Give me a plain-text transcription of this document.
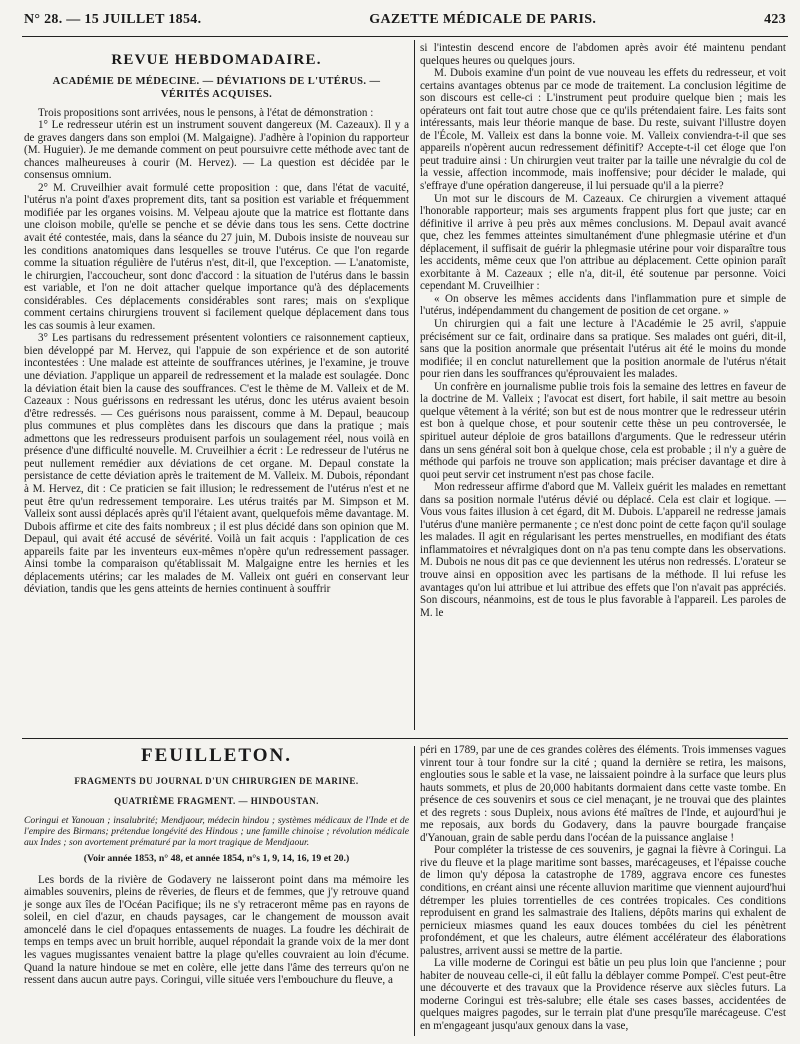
N° 28. — 15 JUILLET 1854.	GAZETTE MÉDICALE DE PARIS.	423
REVUE HEBDOMADAIRE.
ACADÉMIE DE MÉDECINE. — DÉVIATIONS DE L'UTÉRUS. —
VÉRITÉS ACQUISES.

Trois propositions sont arrivées, nous le pensons, à l'état de démonstration :

1° Le redresseur utérin est un instrument souvent dangereux (M. Cazeaux). Il y a de graves dangers dans son emploi (M. Malgaigne). J'adhère à l'opinion du rapporteur (M. Huguier). Je me demande comment on peut poursuivre cette méthode avec tant de chances malheureuses à courir (M. Hervez). — La question est décidée par le consensus omnium.

2° M. Cruveilhier avait formulé cette proposition : que, dans l'état de vacuité, l'utérus n'a point d'axes proprement dits, tant sa position est variable et fréquemment modifiée par les organes voisins. M. Velpeau ajoute que la matrice est flottante dans une cloison mobile, qu'elle se penche et se dévie dans tous les sens. Cette doctrine avait été contestée, mais, dans la séance du 27 juin, M. Dubois insiste de nouveau sur les conditions anatomiques dans lesquelles se trouve l'utérus. Ce que l'on regarde comme la situation régulière de l'utérus n'est, dit-il, que l'exception. — L'anatomiste, le chirurgien, l'accoucheur, sont donc d'accord : la situation de l'utérus dans le bassin est variable, et l'on ne doit attacher quelque importance qu'à des déplacements considérables. Ces déplacements considérables sont rares; mais on s'explique comment certains chirurgiens trouvent si facilement quelque déplacement dans tous les cas soumis à leur examen.

3° Les partisans du redressement présentent volontiers ce raisonnement captieux, bien développé par M. Hervez, qui l'appuie de son expérience et de son autorité incontestées : Une malade est atteinte de souffrances utérines, je l'examine, je trouve une déviation. J'applique un appareil de redressement et la malade est soulagée. Donc la déviation était bien la cause des souffrances. C'est le thème de M. Valleix et de M. Cazeaux : Nous guérissons en redressant les utérus, donc les utérus avaient besoin d'être redressés. — Ces guérisons nous paraissent, comme à M. Depaul, beaucoup plus communes et plus complètes dans les discours que dans la pratique ; mais admettons que les redresseurs produisent parfois un soulagement réel, nous voilà en présence d'une difficulté nouvelle. M. Cruveilhier a écrit : Le redresseur de l'utérus ne peut nullement remédier aux déviations de cet organe. M. Depaul constate la persistance de cette déviation après le traitement de M. Valleix. M. Dubois, répondant à M. Hervez, dit : Ce praticien se fait illusion; le redressement de l'utérus n'est et ne peut être qu'un redressement temporaire. Les utérus traités par M. Simpson et M. Valleix sont aussi déplacés après qu'il l'étaient avant, quelquefois même davantage. M. Dubois affirme et cite des faits nombreux ; il est plus décidé dans son opinion que M. Depaul, qui avait été accusé de sévérité. Voilà un fait acquis : l'application de ces appareils faite par les inventeurs eux-mêmes n'opère qu'un redressement passager. Ainsi tombe la comparaison qu'établissait M. Malgaigne entre les hernies et les déplacements utérins; car les malades de M. Valleix ont guéri en conservant leur déviation, tandis que les gens atteints de hernies continuent à souffrir

si l'intestin descend encore de l'abdomen après avoir été maintenu pendant quelques heures ou quelques jours.

M. Dubois examine d'un point de vue nouveau les effets du redresseur, et voit certains avantages obtenus par ce mode de traitement. La conclusion légitime de son discours est celle-ci : L'instrument peut produire quelque bien ; mais les opérateurs ont fait tout autre chose que ce qu'ils prétendaient faire. Les faits sont intéressants, mais leur théorie manque de base. Du reste, suivant l'illustre doyen de l'École, M. Valleix est dans la bonne voie. M. Valleix conviendra-t-il que ses appareils n'opèrent aucun redressement définitif? Accepte-t-il cet éloge que l'on peut traduire ainsi : Un chirurgien veut traiter par la taille une névralgie du col de la vessie, affection incommode, mais inoffensive; pour décider le malade, qui s'effraye d'une opération dangereuse, il lui persuade qu'il a la pierre?

Un mot sur le discours de M. Cazeaux. Ce chirurgien a vivement attaqué l'honorable rapporteur; mais ses arguments frappent plus fort que juste; car en définitive il arrive à peu près aux mêmes conclusions. M. Depaul avait avancé que, chez les femmes atteintes simultanément d'une phlegmasie utérine et d'un déplacement, il suffisait de guérir la phlegmasie utérine pour voir disparaître tous les accidents, même ceux que l'on attribue au déplacement. Cette opinion paraît exorbitante à M. Cazeaux ; elle n'a, dit-il, été soutenue par personne. Voici cependant M. Cruveilhier :

« On observe les mêmes accidents dans l'inflammation pure et simple de l'utérus, indépendamment du changement de position de cet organe. »

Un chirurgien qui a fait une lecture à l'Académie le 25 avril, s'appuie précisément sur ce fait, ordinaire dans sa pratique. Ses malades ont guéri, dit-il, sans que la position anormale que présentait l'utérus ait été le moins du monde modifiée; il en conclut naturellement que la position anormale de l'utérus n'était pour rien dans les souffrances qu'éprouvaient les malades.

Un confrère en journalisme publie trois fois la semaine des lettres en faveur de la doctrine de M. Valleix ; l'avocat est disert, fort habile, il sait mettre au besoin quelque vêtement à la vérité; son but est de nous montrer que le redresseur utérin est bon à quelque chose, et pour soutenir cette thèse un peu controversée, le spirituel auteur déploie de gros bataillons d'arguments. Que le redresseur utérin dans un sens général soit bon à quelque chose, cela est probable ; il n'y a guère de méthode qui parfois ne trouve son application; mais préciser davantage et dire à quoi peut servir cet instrument n'est pas chose facile.

Mon redresseur affirme d'abord que M. Valleix guérit les malades en remettant dans sa position normale l'utérus dévié ou déplacé. Cela est clair et logique. — Vous vous faites illusion à cet égard, dit M. Dubois. L'appareil ne redresse jamais l'utérus d'une manière permanente ; ce n'est donc point de cette façon qu'il soulage les malades. Il agit en régularisant les pertes menstruelles, en modifiant des états inflammatoires et névralgiques dont on n'a pas tenu compte dans les observations. M. Dubois ne nous dit pas ce que deviennent les utérus non redressés. L'orateur se trouve ainsi en opposition avec les partisans de la méthode. Il lui refuse les avantages qu'on lui attribue et lui attribue des effets que l'on n'avait pas appréciés. Son discours, néanmoins, est de tous le plus favorable à l'appareil. Les paroles de M. le

FEUILLETON.
FRAGMENTS DU JOURNAL D'UN CHIRURGIEN DE MARINE.
QUATRIÈME FRAGMENT. — HINDOUSTAN.
Coringui et Yanouan ; insalubrité; Mendjaour, médecin hindou ; systèmes médicaux de l'Inde et de l'empire des Birmans; prétendue longévité des Hindous ; une famille chinoise ; révolution médicale aux Indes ; son avortement prématuré par la mort tragique de Mendjaour.
(Voir année 1853, n° 48, et année 1854, n°s 1, 9, 14, 16, 19 et 20.)

Les bords de la rivière de Godavery ne laisseront point dans ma mémoire les aimables souvenirs, pleins de rêveries, de fleurs et de femmes, que j'y retrouve quand je songe aux îles de l'Océan Pacifique; ils ne s'y retraceront même pas en rayons de soleil, en ciel d'azur, en chauds paysages, car le changement de mousson avait amoncelé dans le ciel d'opaques entassements de nuages. La foudre les déchirait de temps en temps avec un bruit horrible, auquel répondait la grande voix de la mer dont les vagues mugissantes venaient battre la plage qu'elles couvraient au loin d'écume. Quand la nature hindoue se met en colère, elle jette dans l'âme des terreurs qu'on ne ressent dans aucun autre pays. Coringui, ville située vers l'embouchure du fleuve, a

péri en 1789, par une de ces grandes colères des éléments. Trois immenses vagues vinrent tour à tour fondre sur la cité ; quand la dernière se retira, les maisons, englouties sous le sable et la vase, ne laissaient poindre à la surface que leurs plus hauts sommets, et plus de 20,000 habitants dormaient dans cette vaste tombe. En présence de ces souvenirs et sous ce ciel menaçant, je ne trouvai que des plaintes et des regrets : sous Dupleix, nous avions été maîtres de l'Inde, et aujourd'hui je me reposais, aux bords du Godavery, dans la pauvre bourgade française d'Yanouan, grain de sable perdu dans l'océan de la puissance anglaise !

Pour compléter la tristesse de ces souvenirs, je gagnai la fièvre à Coringui. La rive du fleuve et la plage maritime sont basses, marécageuses, et l'épaisse couche de limon qu'y déposa la catastrophe de 1789, aggrava encore ces funestes conditions, en créant ainsi une récente alluvion maritime que viennent aujourd'hui détremper les pluies torrentielles de ces contrées tropicales. Ces conditions reproduisent en grand les salmastraie des Italiens, dépôts marins qui exhalent de pernicieux miasmes quand les eaux douces tombées du ciel les pénètrent profondément, et que les chaleurs, autre élément accélérateur des élaborations palustres, arrivent aussi se mettre de la partie.

La ville moderne de Coringui est bâtie un peu plus loin que l'ancienne ; pour habiter de nouveau celle-ci, il eût fallu la déblayer comme Pompeï. C'est peut-être une découverte et des travaux que la Providence réserve aux siècles futurs. La moderne Coringui est très-salubre; elle étale ses cases basses, accidentées de quelques maigres pagodes, sur le terrain plat d'une presqu'île marécageuse. C'est en m'engageant jusqu'aux genoux dans la vase,
